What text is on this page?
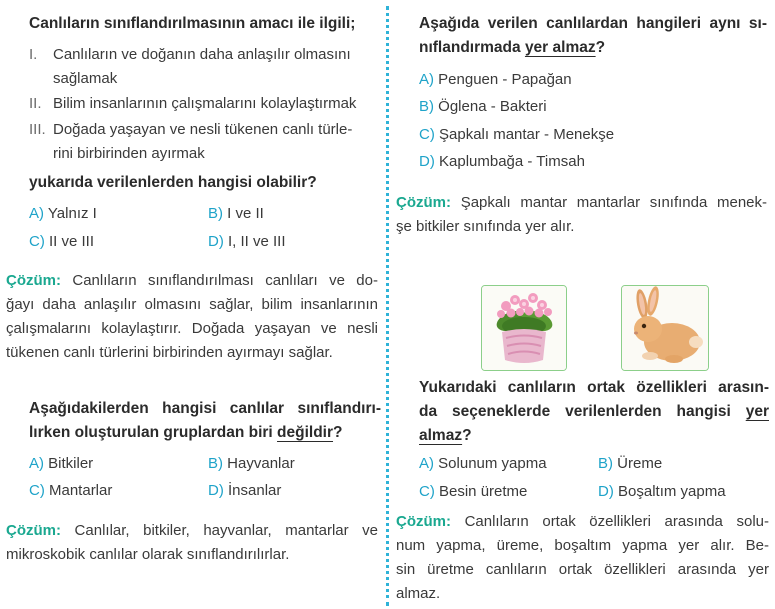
Canlıların sınıflandırılmasının amacı ile ilgili;
I. Canlıların ve doğanın daha anlaşılır olmasını
sağlamak
II. Bilim insanlarının çalışmalarını kolaylaştırmak
III. Doğada yaşayan ve nesli tükenen canlı türle-
rini birbirinden ayırmak
yukarıda verilenlerden hangisi olabilir?
A) Yalnız I	B) I ve II
C) II ve III	D) I, II ve III
Çözüm: Canlıların sınıflandırılması canlıları ve do-
ğayı daha anlaşılır olmasını sağlar, bilim insanlarının
çalışmalarını kolaylaştırır. Doğada yaşayan ve nesli
tükenen canlı türlerini birbirinden ayırmayı sağlar.
Aşağıdakilerden hangisi canlılar sınıflandırı-
lırken oluşturulan gruplardan biri değildir?
A) Bitkiler	B) Hayvanlar
C) Mantarlar	D) İnsanlar
Çözüm: Canlılar, bitkiler, hayvanlar, mantarlar ve
mikroskobik canlılar olarak sınıflandırılırlar.
Aşağıda verilen canlılardan hangileri aynı sı-
nıflandırmada yer almaz?
A) Penguen - Papağan
B) Öglena - Bakteri
C) Şapkalı mantar - Menekşe
D) Kaplumbağa - Timsah
Çözüm: Şapkalı mantar mantarlar sınıfında menek-
şe bitkiler sınıfında yer alır.
Yukarıdaki canlıların ortak özellikleri arasın-
da seçeneklerde verilenlerden hangisi yer
almaz?
A) Solunum yapma	B) Üreme
C) Besin üretme	D) Boşaltım yapma
Çözüm: Canlıların ortak özellikleri arasında solu-
num yapma, üreme, boşaltım yapma yer alır. Be-
sin üretme canlıların ortak özellikleri arasında yer
almaz.
